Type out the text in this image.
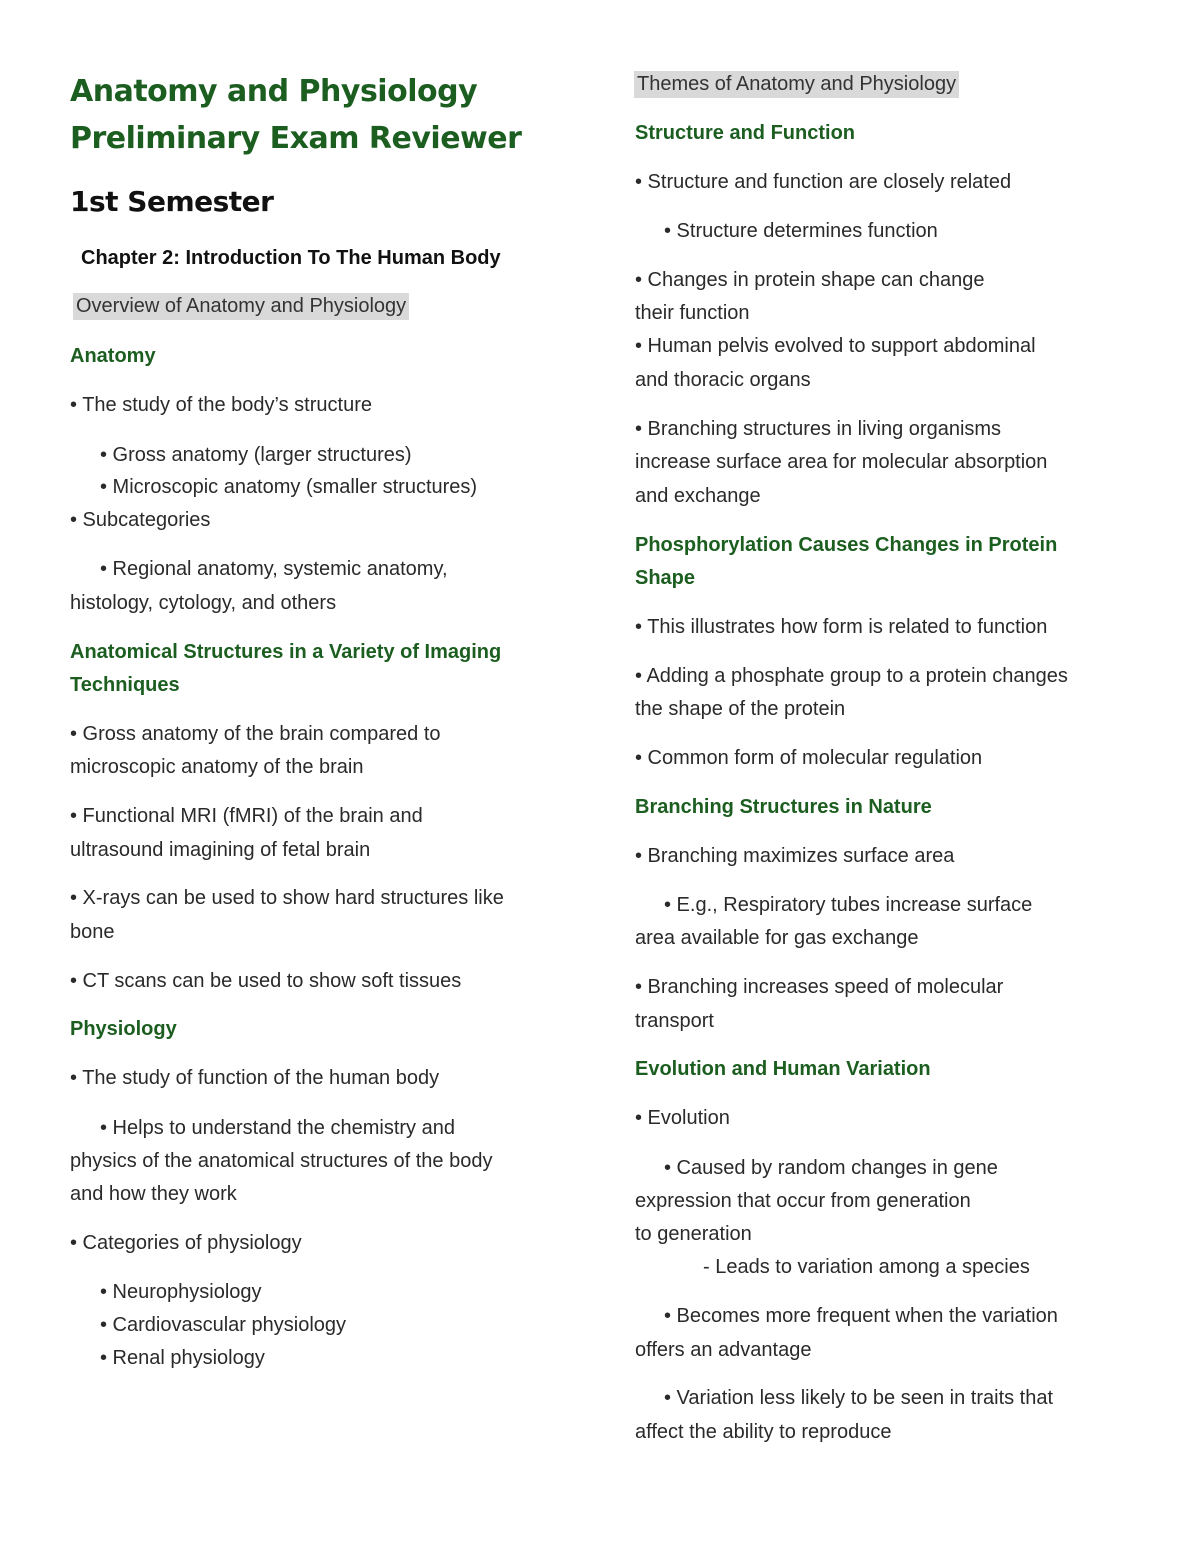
Anatomy and Physiology

Preliminary Exam Reviewer

1st Semester

Chapter 2: Introduction To The Human Body

Overview of Anatomy and Physiology

Anatomy

• The study of the body’s structure

• Gross anatomy (larger structures)

• Microscopic anatomy (smaller structures)

• Subcategories

• Regional anatomy, systemic anatomy,

histology, cytology, and others

Anatomical Structures in a Variety of Imaging

Techniques

• Gross anatomy of the brain compared to

microscopic anatomy of the brain

• Functional MRI (fMRI) of the brain and

ultrasound imagining of fetal brain

• X-rays can be used to show hard structures like

bone

• CT scans can be used to show soft tissues

Physiology

• The study of function of the human body

• Helps to understand the chemistry and

physics of the anatomical structures of the body

and how they work

• Categories of physiology

• Neurophysiology

• Cardiovascular physiology

• Renal physiology

Themes of Anatomy and Physiology

Structure and Function

• Structure and function are closely related

• Structure determines function

• Changes in protein shape can change

their function

• Human pelvis evolved to support abdominal

and thoracic organs

• Branching structures in living organisms

increase surface area for molecular absorption

and exchange

Phosphorylation Causes Changes in Protein

Shape

• This illustrates how form is related to function

• Adding a phosphate group to a protein changes

the shape of the protein

• Common form of molecular regulation

Branching Structures in Nature

• Branching maximizes surface area

• E.g., Respiratory tubes increase surface

area available for gas exchange

• Branching increases speed of molecular

transport

Evolution and Human Variation

• Evolution

• Caused by random changes in gene

expression that occur from generation

to generation

- Leads to variation among a species

• Becomes more frequent when the variation

offers an advantage

• Variation less likely to be seen in traits that

affect the ability to reproduce
